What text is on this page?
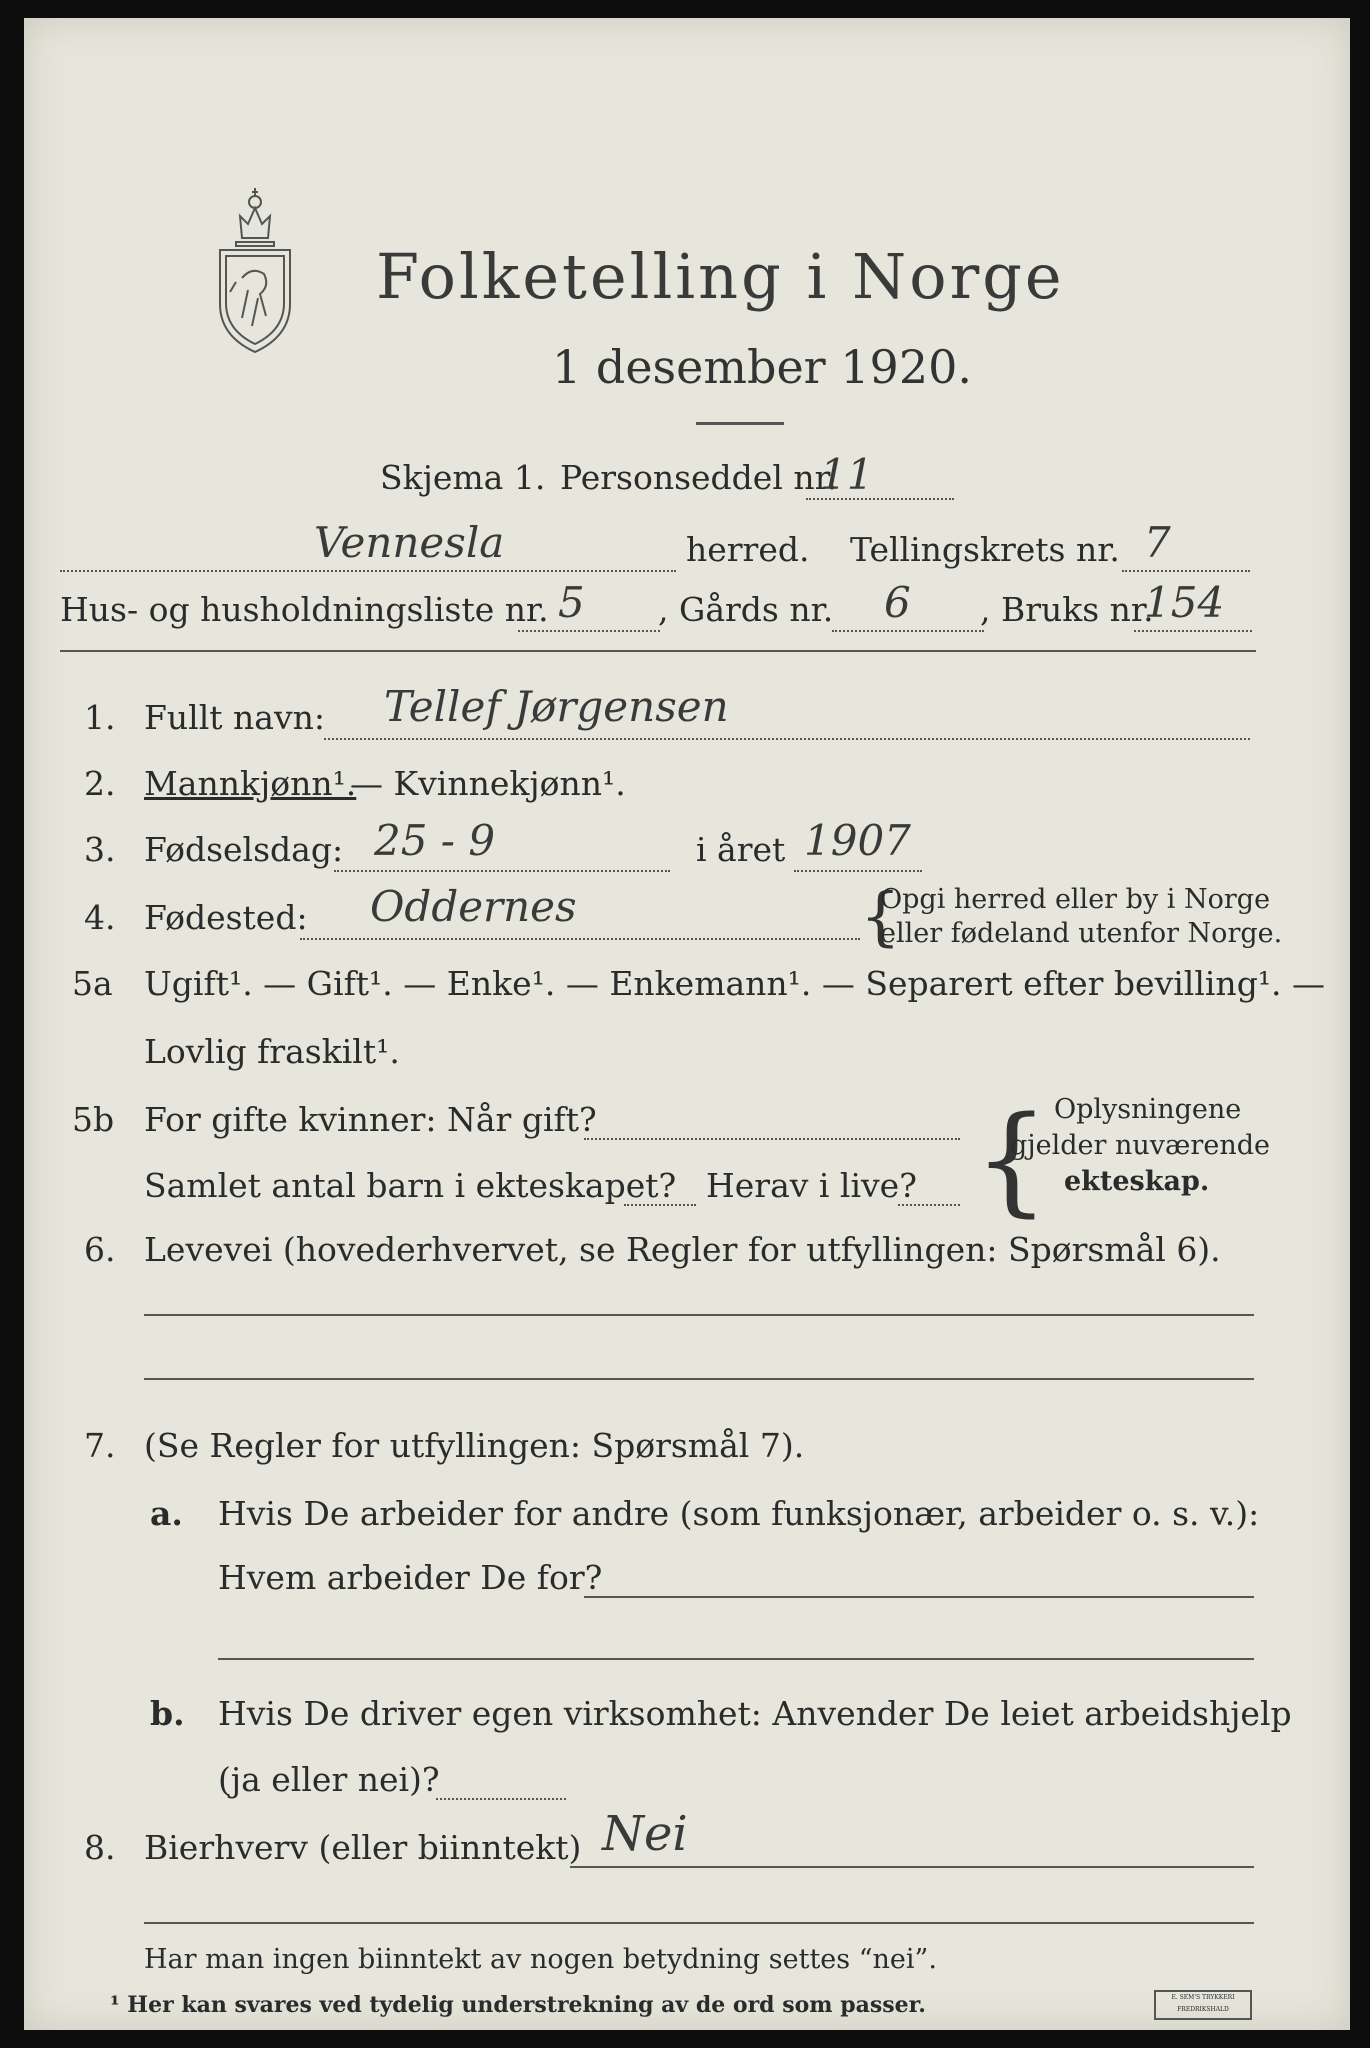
Folketelling i Norge
1 desember 1920.
Skjema 1. Personseddel nr.
11
Vennesla	herred. Tellingskrets nr. 7
Hus- og husholdningsliste nr. 5 , Gårds nr. 6 , Bruks nr.
154
1. Fullt navn: Tellef Jørgensen
2. Mannkjønn¹.
— Kvinnekjønn¹.
3. Fødselsdag: 25 - 9	i året 1907
4. Fødested: Oddernes	{
Opgi herred eller by i Norge
eller fødeland utenfor Norge.
5a Ugift¹. — Gift¹. — Enke¹. — Enkemann¹. — Separert efter bevilling¹. —
Lovlig fraskilt¹.
5b For gifte kvinner: Når gift?
Samlet antal barn i ekteskapet? Herav i live? { Oplysningene
gjelder nuværende
ekteskap.
6. Levevei (hovederhvervet, se Regler for utfyllingen: Spørsmål 6).
7. (Se Regler for utfyllingen: Spørsmål 7).
a. Hvis De arbeider for andre (som funksjonær, arbeider o. s. v.):
Hvem arbeider De for?
b. Hvis De driver egen virksomhet: Anvender De leiet arbeidshjelp
(ja eller nei)?
8. Bierhverv (eller biinntekt) Nei
Har man ingen biinntekt av nogen betydning settes “nei”.
¹ Her kan svares ved tydelig understrekning av de ord som passer.	E. SEM'S TRYKKERI FREDRIKSHALD
